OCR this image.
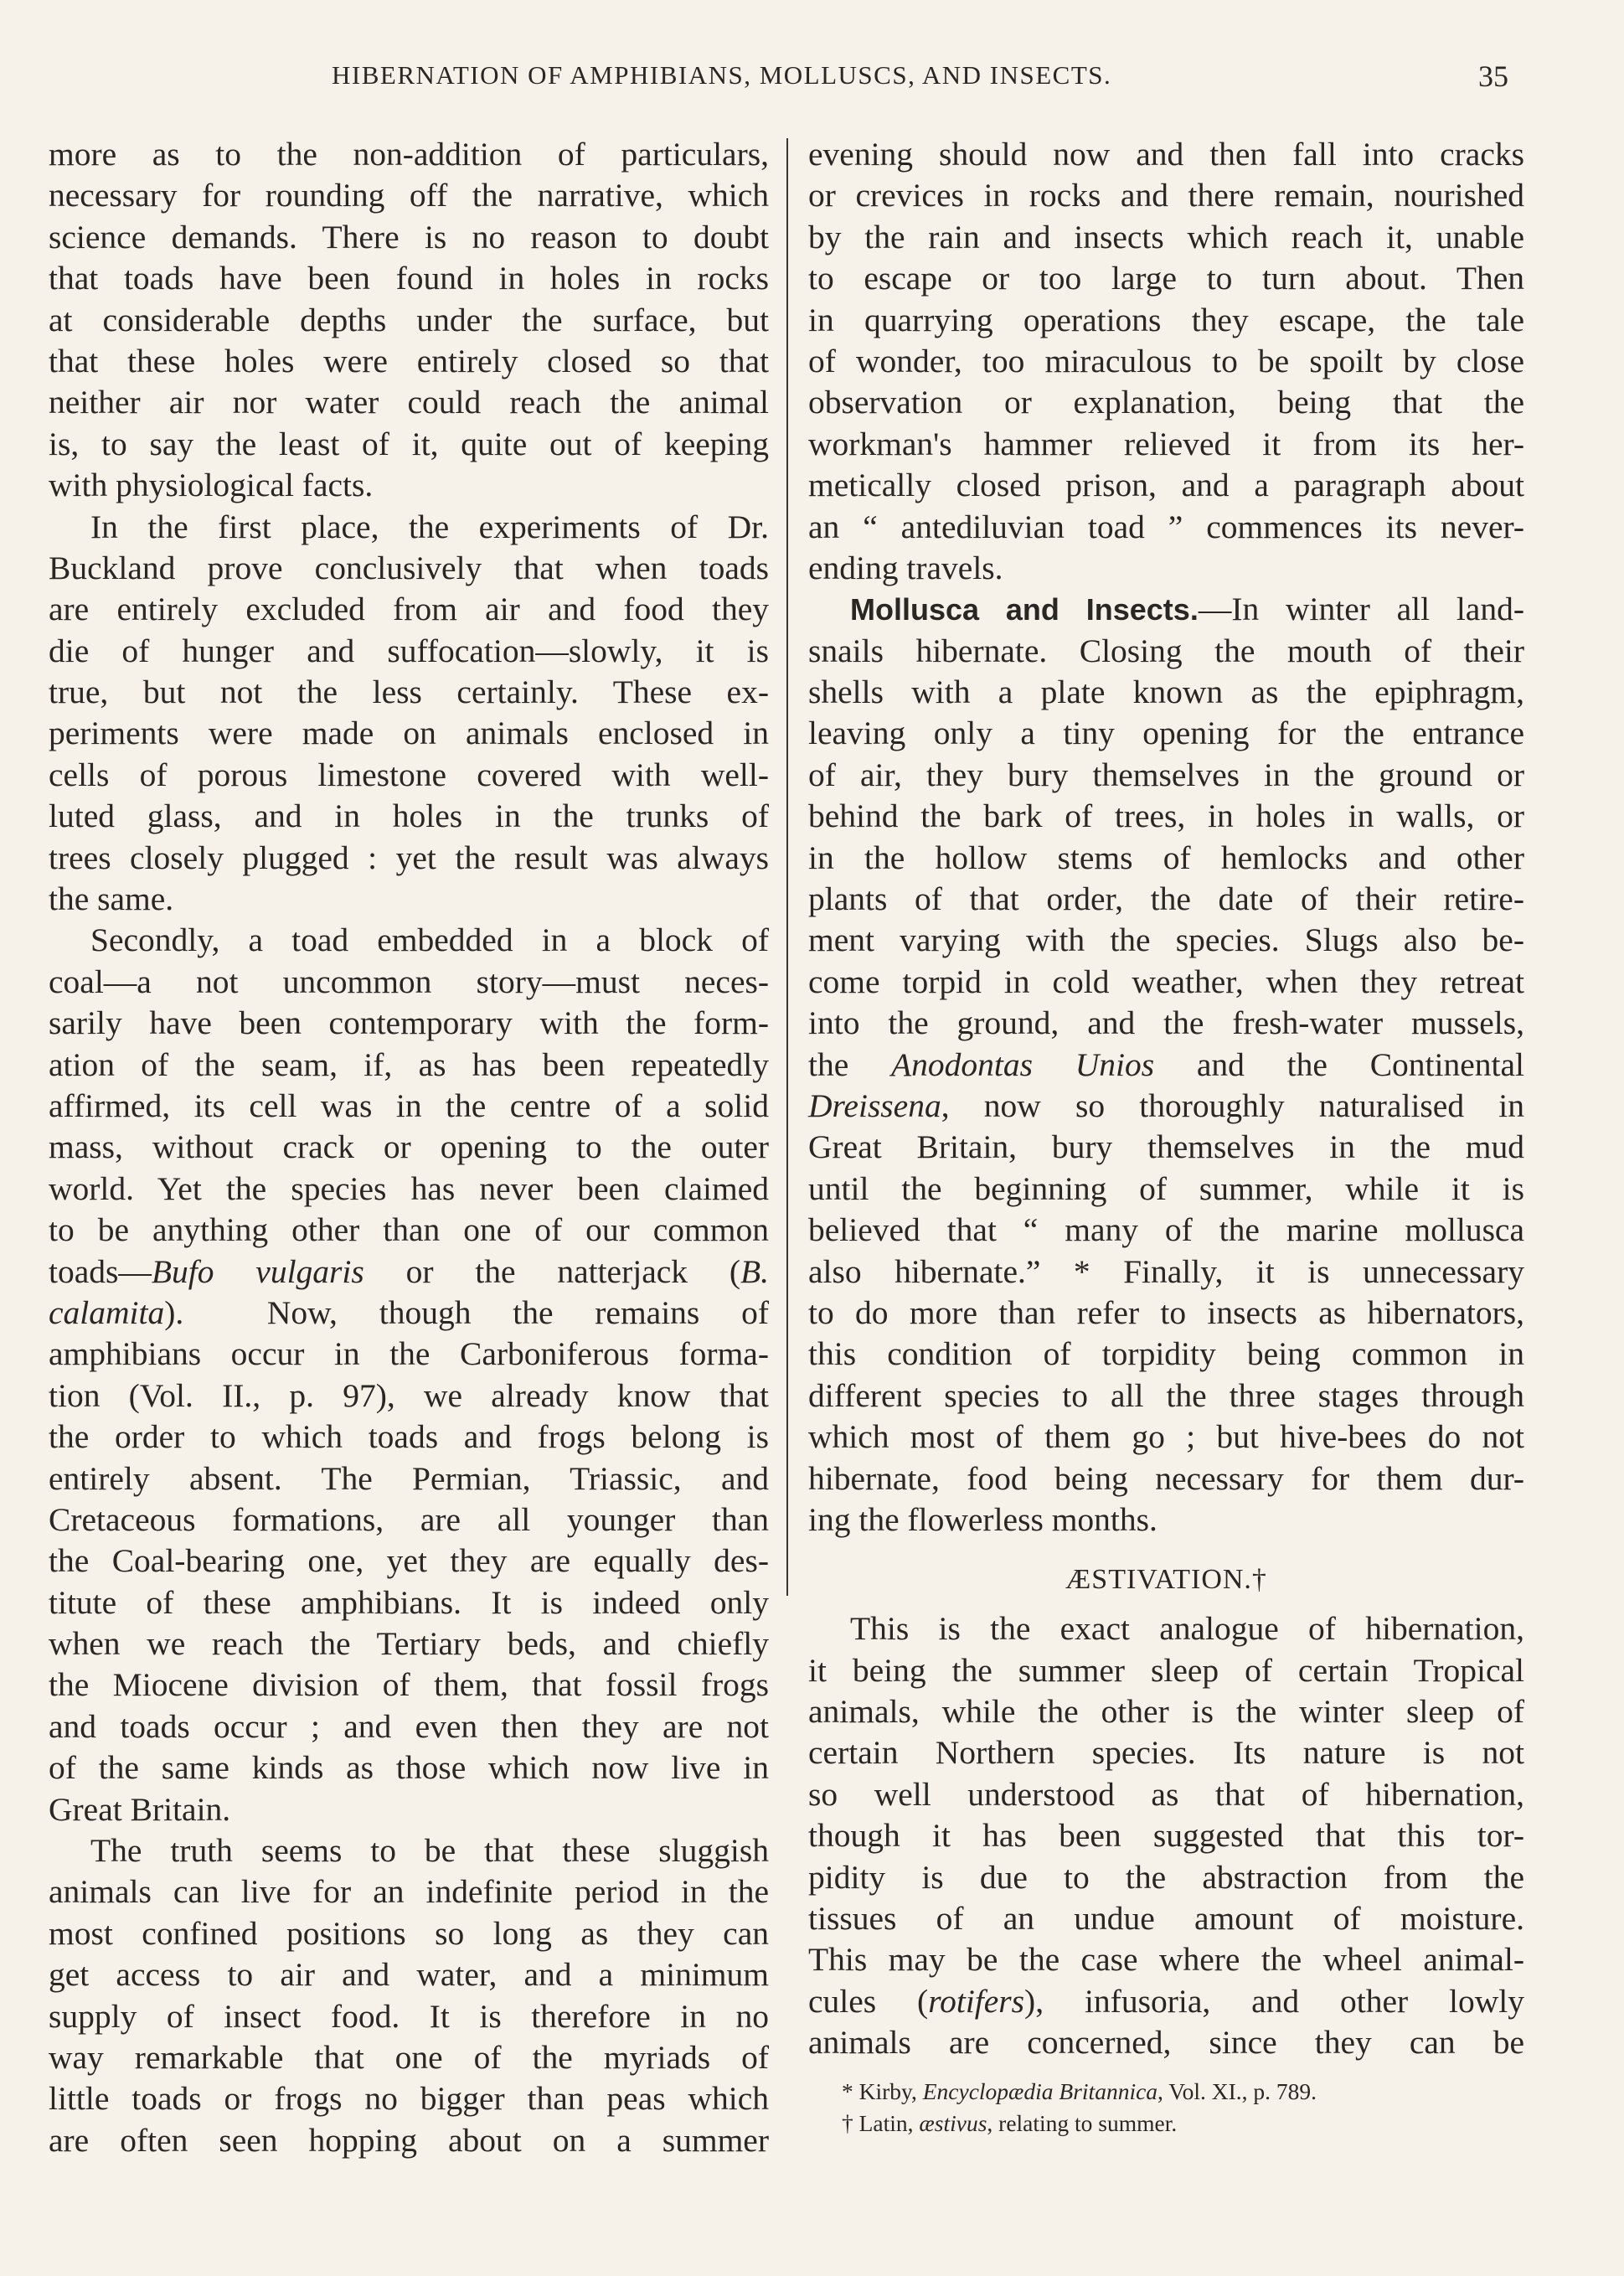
HIBERNATION OF AMPHIBIANS, MOLLUSCS, AND INSECTS.	35
more as to the non-addition of particulars,
necessary for rounding off the narrative, which
science demands. There is no reason to doubt
that toads have been found in holes in rocks
at considerable depths under the surface, but
that these holes were entirely closed so that
neither air nor water could reach the animal
is, to say the least of it, quite out of keeping
with physiological facts.
In the first place, the experiments of Dr.
Buckland prove conclusively that when toads
are entirely excluded from air and food they
die of hunger and suffocation—slowly, it is
true, but not the less certainly. These ex-
periments were made on animals enclosed in
cells of porous limestone covered with well-
luted glass, and in holes in the trunks of
trees closely plugged : yet the result was always
the same.
Secondly, a toad embedded in a block of
coal—a not uncommon story—must neces-
sarily have been contemporary with the form-
ation of the seam, if, as has been repeatedly
affirmed, its cell was in the centre of a solid
mass, without crack or opening to the outer
world. Yet the species has never been claimed
to be anything other than one of our common
toads—Bufo vulgaris or the natterjack (B.
calamita).  Now, though the remains of
amphibians occur in the Carboniferous forma-
tion (Vol. II., p. 97), we already know that
the order to which toads and frogs belong is
entirely absent. The Permian, Triassic, and
Cretaceous formations, are all younger than
the Coal-bearing one, yet they are equally des-
titute of these amphibians. It is indeed only
when we reach the Tertiary beds, and chiefly
the Miocene division of them, that fossil frogs
and toads occur ; and even then they are not
of the same kinds as those which now live in
Great Britain.
The truth seems to be that these sluggish
animals can live for an indefinite period in the
most confined positions so long as they can
get access to air and water, and a minimum
supply of insect food. It is therefore in no
way remarkable that one of the myriads of
little toads or frogs no bigger than peas which
are often seen hopping about on a summer
evening should now and then fall into cracks
or crevices in rocks and there remain, nourished
by the rain and insects which reach it, unable
to escape or too large to turn about. Then
in quarrying operations they escape, the tale
of wonder, too miraculous to be spoilt by close
observation or explanation, being that the
workman's hammer relieved it from its her-
metically closed prison, and a paragraph about
an “ antediluvian toad ” commences its never-
ending travels.
Mollusca and Insects.—In winter all land-
snails hibernate. Closing the mouth of their
shells with a plate known as the epiphragm,
leaving only a tiny opening for the entrance
of air, they bury themselves in the ground or
behind the bark of trees, in holes in walls, or
in the hollow stems of hemlocks and other
plants of that order, the date of their retire-
ment varying with the species. Slugs also be-
come torpid in cold weather, when they retreat
into the ground, and the fresh-water mussels,
the Anodontas Unios and the Continental
Dreissena, now so thoroughly naturalised in
Great Britain, bury themselves in the mud
until the beginning of summer, while it is
believed that “ many of the marine mollusca
also hibernate.” * Finally, it is unnecessary
to do more than refer to insects as hibernators,
this condition of torpidity being common in
different species to all the three stages through
which most of them go ; but hive-bees do not
hibernate, food being necessary for them dur-
ing the flowerless months.
ÆSTIVATION.†
This is the exact analogue of hibernation,
it being the summer sleep of certain Tropical
animals, while the other is the winter sleep of
certain Northern species. Its nature is not
so well understood as that of hibernation,
though it has been suggested that this tor-
pidity is due to the abstraction from the
tissues of an undue amount of moisture.
This may be the case where the wheel animal-
cules (rotifers), infusoria, and other lowly
animals are concerned, since they can be
* Kirby, Encyclopædia Britannica, Vol. XI., p. 789.
† Latin, æstivus, relating to summer.
